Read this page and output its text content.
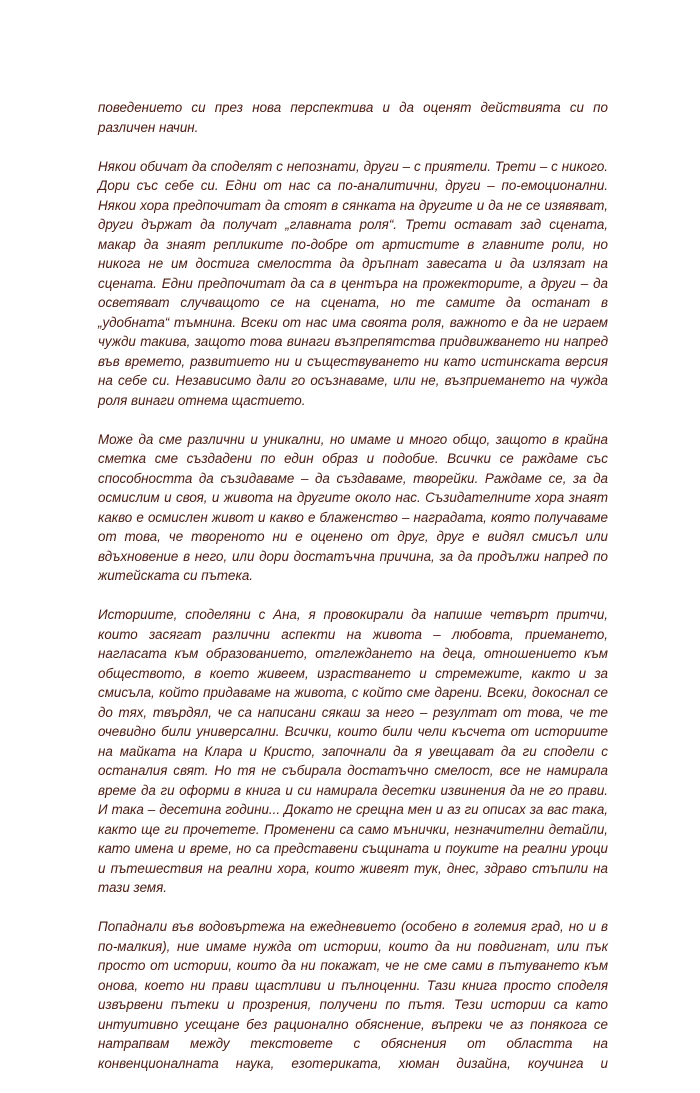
поведението си през нова перспектива и да оценят действията си по
различен начин.
Някои обичат да споделят с непознати, други – с приятели. Трети – с никого.
Дори със себе си. Едни от нас са по-аналитични, други – по-емоционални.
Някои хора предпочитат да стоят в сянката на другите и да не се изявяват,
други държат да получат „главната роля“. Трети остават зад сцената,
макар да знаят репликите по-добре от артистите в главните роли, но
никога не им достига смелостта да дръпнат завесата и да излязат на
сцената. Едни предпочитат да са в центъра на прожекторите, а други – да
осветяват случващото се на сцената, но те самите да останат в
„удобната“ тъмнина. Всеки от нас има своята роля, важното е да не играем
чужди такива, защото това винаги възпрепятства придвижването ни напред
във времето, развитието ни и съществуването ни като истинската версия
на себе си. Независимо дали го осъзнаваме, или не, възприемането на чужда
роля винаги отнема щастието.
Може да сме различни и уникални, но имаме и много общо, защото в крайна
сметка сме създадени по един образ и подобие. Всички се раждаме със
способността да съзидаваме – да създаваме, творейки. Раждаме се, за да
осмислим и своя, и живота на другите около нас. Съзидателните хора знаят
какво е осмислен живот и какво е блаженство – наградата, която получаваме
от това, че твореното ни е оценено от друг, друг е видял смисъл или
вдъхновение в него, или дори достатъчна причина, за да продължи напред по
житейската си пътека.
Историите, споделяни с Ана, я провокирали да напише четвърт притчи,
които засягат различни аспекти на живота – любовта, приемането,
нагласата към образованието, отглеждането на деца, отношението към
обществото, в което живеем, израстването и стремежите, както и за
смисъла, който придаваме на живота, с който сме дарени. Всеки, докоснал се
до тях, твърдял, че са написани сякаш за него – резултат от това, че те
очевидно били универсални. Всички, които били чели късчета от историите
на майката на Клара и Кристо, започнали да я увещават да ги сподели с
останалия свят. Но тя не събирала достатъчно смелост, все не намирала
време да ги оформи в книга и си намирала десетки извинения да не го прави.
И така – десетина години... Докато не срещна мен и аз ги описах за вас така,
както ще ги прочетете. Променени са само мънички, незначителни детайли,
като имена и време, но са представени същината и поуките на реални уроци
и пътешествия на реални хора, които живеят тук, днес, здраво стъпили на
тази земя.
Попаднали във водовъртежа на ежедневието (особено в големия град, но и в
по-малкия), ние имаме нужда от истории, които да ни повдигнат, или пък
просто от истории, които да ни покажат, че не сме сами в пътуването към
онова, което ни прави щастливи и пълноценни. Тази книга просто споделя
извървени пътеки и прозрения, получени по пътя. Тези истории са като
интуитивно усещане без рационално обяснение, въпреки че аз понякога се
натрапвам между текстовете с обяснения от областта на
конвенционалната наука, езотериката, хюман дизайна, коучинга и
